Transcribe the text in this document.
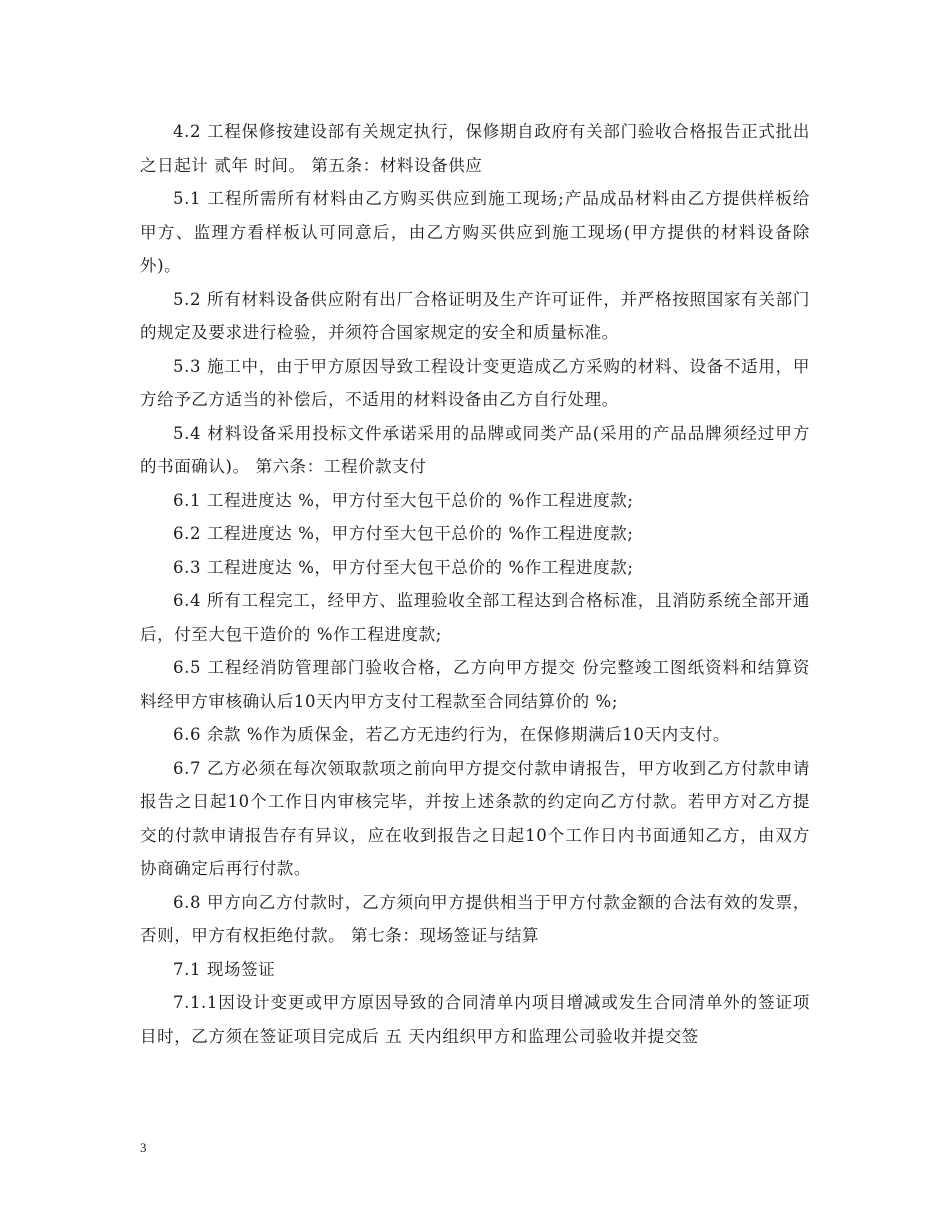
4.2 工程保修按建设部有关规定执行，保修期自政府有关部门验收合格报告正式批出之日起计 贰年 时间。 第五条：材料设备供应

5.1 工程所需所有材料由乙方购买供应到施工现场;产品成品材料由乙方提供样板给甲方、监理方看样板认可同意后，由乙方购买供应到施工现场(甲方提供的材料设备除外)。

5.2 所有材料设备供应附有出厂合格证明及生产许可证件，并严格按照国家有关部门的规定及要求进行检验，并须符合国家规定的安全和质量标准。

5.3 施工中，由于甲方原因导致工程设计变更造成乙方采购的材料、设备不适用，甲方给予乙方适当的补偿后，不适用的材料设备由乙方自行处理。

5.4 材料设备采用投标文件承诺采用的品牌或同类产品(采用的产品品牌须经过甲方的书面确认)。 第六条：工程价款支付

6.1 工程进度达 %，甲方付至大包干总价的 %作工程进度款;

6.2 工程进度达 %，甲方付至大包干总价的 %作工程进度款;

6.3 工程进度达 %，甲方付至大包干总价的 %作工程进度款;

6.4 所有工程完工，经甲方、监理验收全部工程达到合格标准，且消防系统全部开通后，付至大包干造价的 %作工程进度款;

6.5 工程经消防管理部门验收合格，乙方向甲方提交 份完整竣工图纸资料和结算资料经甲方审核确认后10天内甲方支付工程款至合同结算价的 %;

6.6 余款 %作为质保金，若乙方无违约行为，在保修期满后10天内支付。

6.7 乙方必须在每次领取款项之前向甲方提交付款申请报告，甲方收到乙方付款申请报告之日起10个工作日内审核完毕，并按上述条款的约定向乙方付款。若甲方对乙方提交的付款申请报告存有异议，应在收到报告之日起10个工作日内书面通知乙方，由双方协商确定后再行付款。

6.8 甲方向乙方付款时，乙方须向甲方提供相当于甲方付款金额的合法有效的发票，否则，甲方有权拒绝付款。 第七条：现场签证与结算

7.1 现场签证

7.1.1因设计变更或甲方原因导致的合同清单内项目增减或发生合同清单外的签证项目时，乙方须在签证项目完成后 五 天内组织甲方和监理公司验收并提交签

3
